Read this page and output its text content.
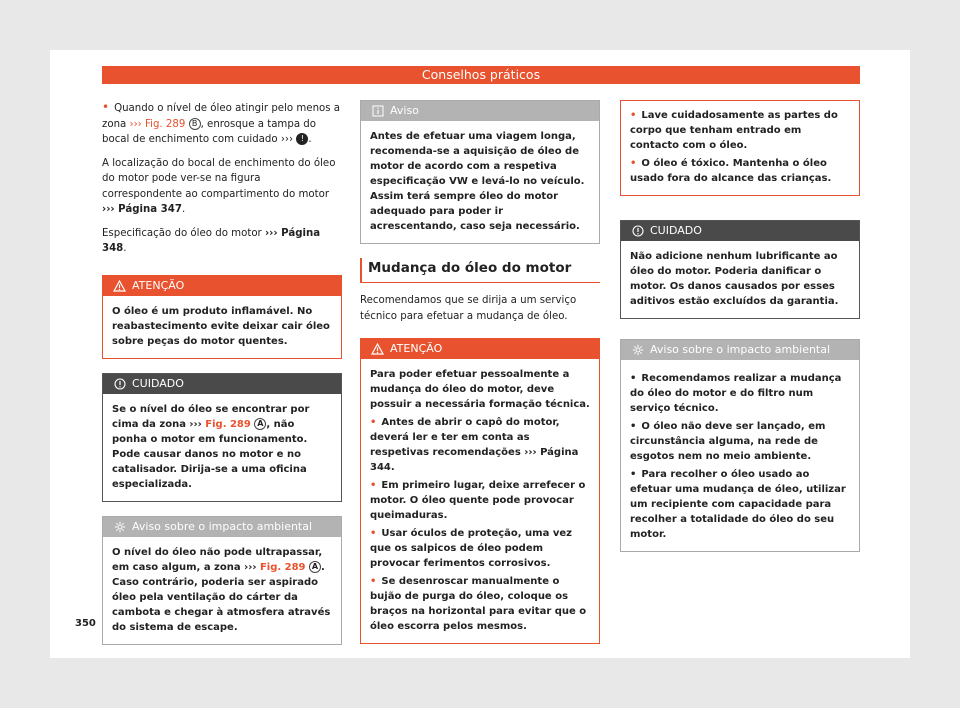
Conselhos práticos

• Quando o nível de óleo atingir pelo menos a zona ››› Fig. 289 B , enrosque a tampa do bocal de enchimento com cuidado ››› ! .

A localização do bocal de enchimento do óleo do motor pode ver-se na figura correspondente ao compartimento do motor ››› Página 347.

Especificação do óleo do motor ››› Página 348.

ATENÇÃO

O óleo é um produto inflamável. No reabastecimento evite deixar cair óleo sobre peças do motor quentes.

CUIDADO

Se o nível do óleo se encontrar por cima da zona ››› Fig. 289 A , não ponha o motor em funcionamento. Pode causar danos no motor e no catalisador. Dirija-se a uma oficina especializada.

Aviso sobre o impacto ambiental

O nível do óleo não pode ultrapassar, em caso algum, a zona ››› Fig. 289 A . Caso contrário, poderia ser aspirado óleo pela ventilação do cárter da cambota e chegar à atmosfera através do sistema de escape.

Aviso

Antes de efetuar uma viagem longa, recomenda-se a aquisição de óleo de motor de acordo com a respetiva especificação VW e levá-lo no veículo. Assim terá sempre óleo do motor adequado para poder ir acrescentando, caso seja necessário.

Mudança do óleo do motor

Recomendamos que se dirija a um serviço técnico para efetuar a mudança de óleo.

ATENÇÃO

Para poder efetuar pessoalmente a mudança do óleo do motor, deve possuir a necessária formação técnica.

• Antes de abrir o capô do motor, deverá ler e ter em conta as respetivas recomendações ››› Página 344.
• Em primeiro lugar, deixe arrefecer o motor. O óleo quente pode provocar queimaduras.
• Usar óculos de proteção, uma vez que os salpicos de óleo podem provocar ferimentos corrosivos.
• Se desenroscar manualmente o bujão de purga do óleo, coloque os braços na horizontal para evitar que o óleo escorra pelos mesmos.
• Lave cuidadosamente as partes do corpo que tenham entrado em contacto com o óleo.
• O óleo é tóxico. Mantenha o óleo usado fora do alcance das crianças.
CUIDADO

Não adicione nenhum lubrificante ao óleo do motor. Poderia danificar o motor. Os danos causados por esses aditivos estão excluídos da garantia.

Aviso sobre o impacto ambiental
• Recomendamos realizar a mudança do óleo do motor e do filtro num serviço técnico.
• O óleo não deve ser lançado, em circunstância alguma, na rede de esgotos nem no meio ambiente.
• Para recolher o óleo usado ao efetuar uma mudança de óleo, utilizar um recipiente com capacidade para recolher a totalidade do óleo do seu motor.
350
